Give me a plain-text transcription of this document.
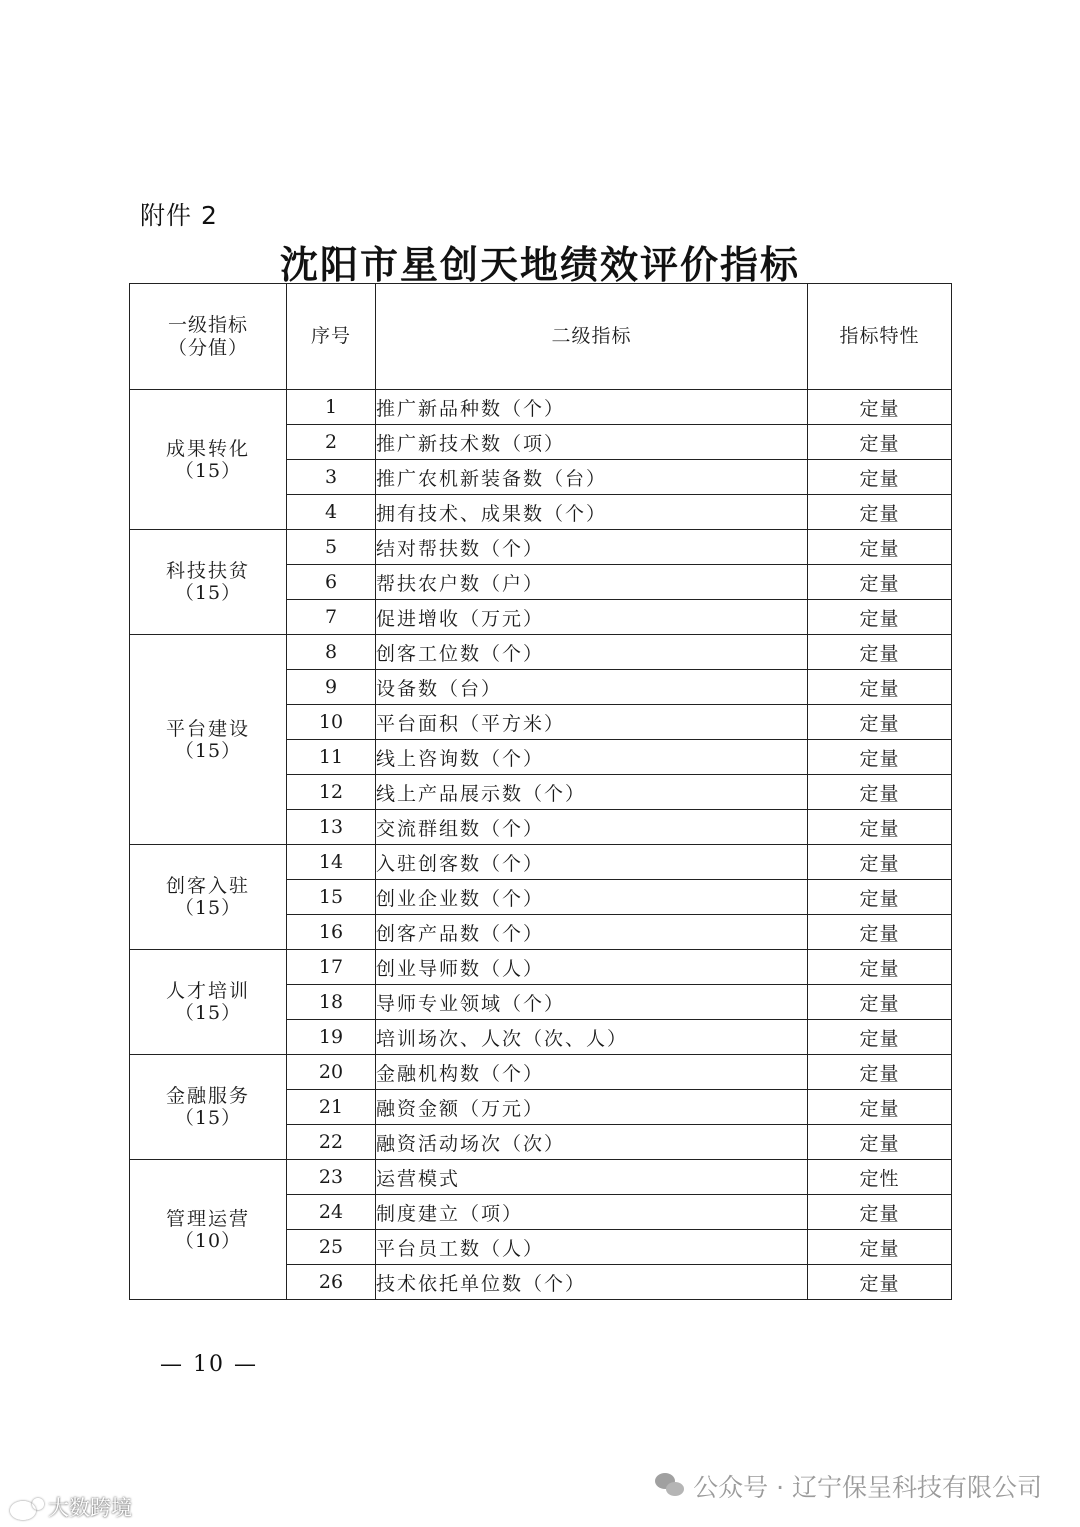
附件 2
沈阳市星创天地绩效评价指标
一级指标
（分值）	序号	二级指标	指标特性
成果转化
（15）	1	推广新品种数（个）	定量
	2	推广新技术数（项）	定量
	3	推广农机新装备数（台）	定量
	4	拥有技术、成果数（个）	定量
科技扶贫
（15）	5	结对帮扶数（个）	定量
	6	帮扶农户数（户）	定量
	7	促进增收（万元）	定量
平台建设
（15）	8	创客工位数（个）	定量
	9	设备数（台）	定量
	10	平台面积（平方米）	定量
	11	线上咨询数（个）	定量
	12	线上产品展示数（个）	定量
	13	交流群组数（个）	定量
创客入驻
（15）	14	入驻创客数（个）	定量
	15	创业企业数（个）	定量
	16	创客产品数（个）	定量
人才培训
（15）	17	创业导师数（人）	定量
	18	导师专业领域（个）	定量
	19	培训场次、人次（次、人）	定量
金融服务
（15）	20	金融机构数（个）	定量
	21	融资金额（万元）	定量
	22	融资活动场次（次）	定量
管理运营
（10）	23	运营模式	定性
	24	制度建立（项）	定量
	25	平台员工数（人）	定量
	26	技术依托单位数（个）	定量
— 10 —
公众号 · 辽宁保呈科技有限公司
大数跨境
